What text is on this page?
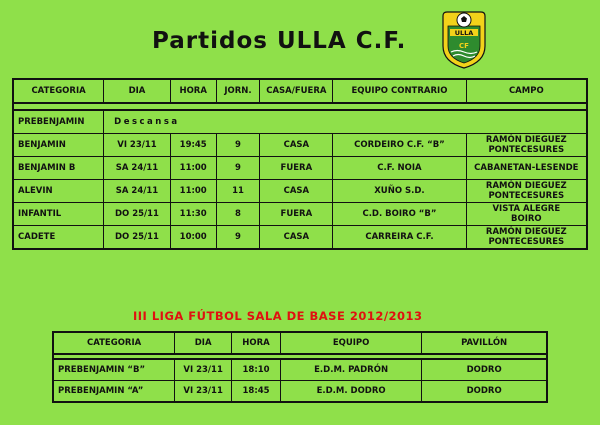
Partidos ULLA C.F.	ULLA
CF
CATEGORIA	DIA	HORA	JORN.	CASA/FUERA	EQUIPO CONTRARIO	CAMPO

PREBENJAMIN	Descansa					
BENJAMIN	VI 23/11	19:45	9	CASA	CORDEIRO C.F. “B”	RAMÓN DIEGUEZ
PONTECESURES
BENJAMIN B	SA 24/11	11:00	9	FUERA	C.F. NOIA	CABANETAN-LESENDE
ALEVIN	SA 24/11	11:00	11	CASA	XUÑO S.D.	RAMÓN DIEGUEZ
PONTECESURES
INFANTIL	DO 25/11	11:30	8	FUERA	C.D. BOIRO “B”	VISTA ALEGRE
BOIRO
CADETE	DO 25/11	10:00	9	CASA	CARREIRA C.F.	RAMÓN DIEGUEZ
PONTECESURES
III LIGA FÚTBOL SALA DE BASE 2012/2013
CATEGORIA	DIA	HORA	EQUIPO	PAVILLÓN

PREBENJAMIN “B”	VI 23/11	18:10	E.D.M. PADRÓN	DODRO
PREBENJAMIN “A”	VI 23/11	18:45	E.D.M. DODRO	DODRO
